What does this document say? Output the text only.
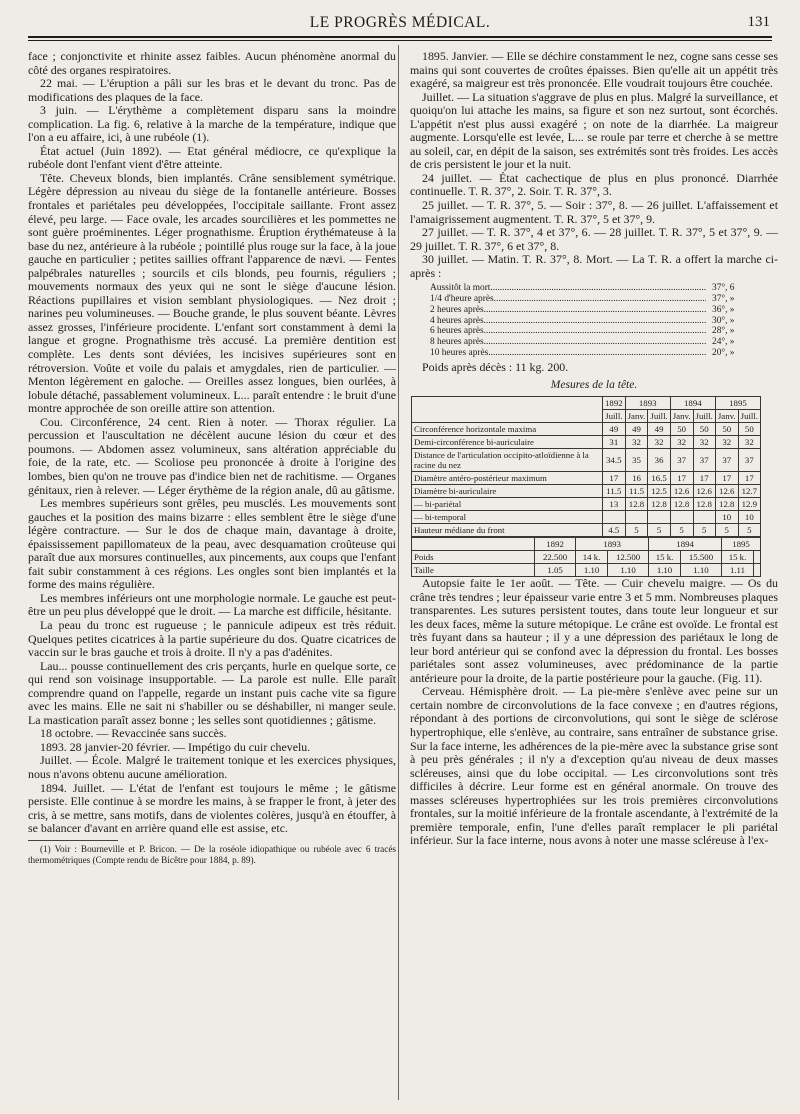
LE PROGRÈS MÉDICAL.	131

face ; conjonctivite et rhinite assez faibles. Aucun phénomène anormal du côté des organes respiratoires.

22 mai. — L'éruption a pâli sur les bras et le devant du tronc. Pas de modifications des plaques de la face.

3 juin. — L'érythème a complètement disparu sans la moindre complication. La fig. 6, relative à la marche de la température, indique que l'on a eu affaire, ici, à une rubéole (1).

État actuel (Juin 1892). — Etat général médiocre, ce qu'explique la rubéole dont l'enfant vient d'être atteinte.

Tête. Cheveux blonds, bien implantés. Crâne sensiblement symétrique. Légère dépression au niveau du siège de la fontanelle antérieure. Bosses frontales et pariétales peu développées, l'occipitale saillante. Front assez élevé, peu large. — Face ovale, les arcades sourcilières et les pommettes ne sont guère proéminentes. Léger prognathisme. Éruption érythémateuse à la base du nez, antérieure à la rubéole ; pointillé plus rouge sur la face, à la joue gauche en particulier ; petites saillies offrant l'apparence de nævi. — Fentes palpébrales naturelles ; sourcils et cils blonds, peu fournis, réguliers ; mouvements normaux des yeux qui ne sont le siège d'aucune lésion. Réactions pupillaires et vision semblant physiologiques. — Nez droit ; narines peu volumineuses. — Bouche grande, le plus souvent béante. Lèvres assez grosses, l'inférieure procidente. L'enfant sort constamment à demi la langue et grogne. Prognathisme très accusé. La première dentition est complète. Les dents sont déviées, les incisives supérieures sont en rétroversion. Voûte et voile du palais et amygdales, rien de particulier. — Menton légèrement en galoche. — Oreilles assez longues, bien ourlées, à lobule détaché, passablement volumineux. L... paraît entendre : le bruit d'une montre approchée de son oreille attire son attention.

Cou. Circonférence, 24 cent. Rien à noter. — Thorax régulier. La percussion et l'auscultation ne décèlent aucune lésion du cœur et des poumons. — Abdomen assez volumineux, sans altération appréciable du foie, de la rate, etc. — Scoliose peu prononcée à droite à l'origine des lombes, bien qu'on ne trouve pas d'indice bien net de rachitisme. — Organes génitaux, rien à relever. — Léger érythème de la région anale, dû au gâtisme.

Les membres supérieurs sont grêles, peu musclés. Les mouvements sont gauches et la position des mains bizarre : elles semblent être le siège d'une légère contracture. — Sur le dos de chaque main, davantage à droite, épaississement papillomateux de la peau, avec desquamation croûteuse qui paraît due aux morsures continuelles, aux pincements, aux coups que l'enfant fait subir constamment à ces régions. Les ongles sont bien implantés et la forme des mains régulière.

Les membres inférieurs ont une morphologie normale. Le gauche est peut-être un peu plus développé que le droit. — La marche est difficile, hésitante.

La peau du tronc est rugueuse ; le pannicule adipeux est très réduit. Quelques petites cicatrices à la partie supérieure du dos. Quatre cicatrices de vaccin sur le bras gauche et trois à droite. Il n'y a pas d'adénites.

Lau... pousse continuellement des cris perçants, hurle en quelque sorte, ce qui rend son voisinage insupportable. — La parole est nulle. Elle paraît comprendre quand on l'appelle, regarde un instant puis cache vite sa figure avec les mains. Elle ne sait ni s'habiller ou se déshabiller, ni manger seule. La mastication paraît assez bonne ; les selles sont quotidiennes ; gâtisme.

18 octobre. — Revaccinée sans succès.

1893. 28 janvier-20 février. — Impétigo du cuir chevelu.

Juillet. — École. Malgré le traitement tonique et les exercices physiques, nous n'avons obtenu aucune amélioration.

1894. Juillet. — L'état de l'enfant est toujours le même ; le gâtisme persiste. Elle continue à se mordre les mains, à se frapper le front, à jeter des cris, à se mettre, sans motifs, dans de violentes colères, jusqu'à en étouffer, à se balancer d'avant en arrière quand elle est assise, etc.

(1) Voir : Bourneville et P. Bricon. — De la roséole idiopathique ou rubéole avec 6 tracés thermométriques (Compte rendu de Bicêtre pour 1884, p. 89).

1895. Janvier. — Elle se déchire constamment le nez, cogne sans cesse ses mains qui sont couvertes de croûtes épaisses. Bien qu'elle ait un appétit très exagéré, sa maigreur est très prononcée. Elle voudrait toujours être couchée.

Juillet. — La situation s'aggrave de plus en plus. Malgré la surveillance, et quoiqu'on lui attache les mains, sa figure et son nez surtout, sont écorchés. L'appétit n'est plus aussi exagéré ; on note de la diarrhée. La maigreur augmente. Lorsqu'elle est levée, L... se roule par terre et cherche à se mettre au soleil, car, en dépit de la saison, ses extrémités sont très froides. Les accès de cris persistent le jour et la nuit.

24 juillet. — État cachectique de plus en plus prononcé. Diarrhée continuelle. T. R. 37°, 2. Soir. T. R. 37°, 3.

25 juillet. — T. R. 37°, 5. — Soir : 37°, 8. — 26 juillet. L'affaissement et l'amaigrissement augmentent. T. R. 37°, 5 et 37°, 9.

27 juillet. — T. R. 37°, 4 et 37°, 6. — 28 juillet. T. R. 37°, 5 et 37°, 9. — 29 juillet. T. R. 37°, 6 et 37°, 8.

30 juillet. — Matin. T. R. 37°, 8. Mort. — La T. R. a offert la marche ci-après :

Aussitôt la mort .....	37°, 6
1/4 d'heure après .....	37°, »
2 heures après .....	36°, »
4 heures après .....	30°, »
6 heures après .....	28°, »
8 heures après .....	24°, »
10 heures après .....	20°, »

Poids après décès : 11 kg. 200.

Mesures de la tête.
	1892	1893		1894		1895	
	Juill.	Janv.	Juill.	Janv.	Juill.	Janv.	Juill.
Circonférence horizontale maxima	49	49	49	50	50	50	50
Demi-circonférence bi-auriculaire	31	32	32	32	32	32	32
Distance de l'articulation occipito-atloïdienne à la racine du nez	34.5	35	36	37	37	37	37
Diamètre antéro-postérieur maximum	17	16	16.5	17	17	17	17
Diamètre bi-auriculaire	11.5	11.5	12.5	12.6	12.6	12.6	12.7
— bi-pariétal	13	12.8	12.8	12.8	12.8	12.8	12.9
— bi-temporal						10	10
Hauteur médiane du front	4.5	5	5	5	5	5	5
	1892	1893		1894		1895	
Poids	22.500	14 k.	12.500	15 k.	15.500	15 k.	
Taille	1.05	1.10	1.10	1.10	1.10	1.11	

Autopsie faite le 1er août. — Tête. — Cuir chevelu maigre. — Os du crâne très tendres ; leur épaisseur varie entre 3 et 5 mm. Nombreuses plaques transparentes. Les sutures persistent toutes, dans toute leur longueur et sur les deux faces, même la suture métopique. Le crâne est ovoïde. Le frontal est très fuyant dans sa hauteur ; il y a une dépression des pariétaux le long de leur bord antérieur qui se confond avec la dépression du frontal. Les bosses pariétales sont assez volumineuses, avec prédominance de la partie antérieure pour la droite, de la partie postérieure pour la gauche. (Fig. 11).

Cerveau. Hémisphère droit. — La pie-mère s'enlève avec peine sur un certain nombre de circonvolutions de la face convexe ; en d'autres régions, répondant à des portions de circonvolutions, qui sont le siège de sclérose hypertrophique, elle s'enlève, au contraire, sans entraîner de substance grise. Sur la face interne, les adhérences de la pie-mère avec la substance grise sont à peu près générales ; il n'y a d'exception qu'au niveau de deux masses scléreuses, ainsi que du lobe occipital. — Les circonvolutions sont très difficiles à décrire. Leur forme est en général anormale. On trouve des masses scléreuses hypertrophiées sur les trois premières circonvolutions frontales, sur la moitié inférieure de la frontale ascendante, à l'extrémité de la première temporale, enfin, l'une d'elles paraît remplacer le pli pariétal inférieur. Sur la face interne, nous avons à noter une masse scléreuse à l'ex-
